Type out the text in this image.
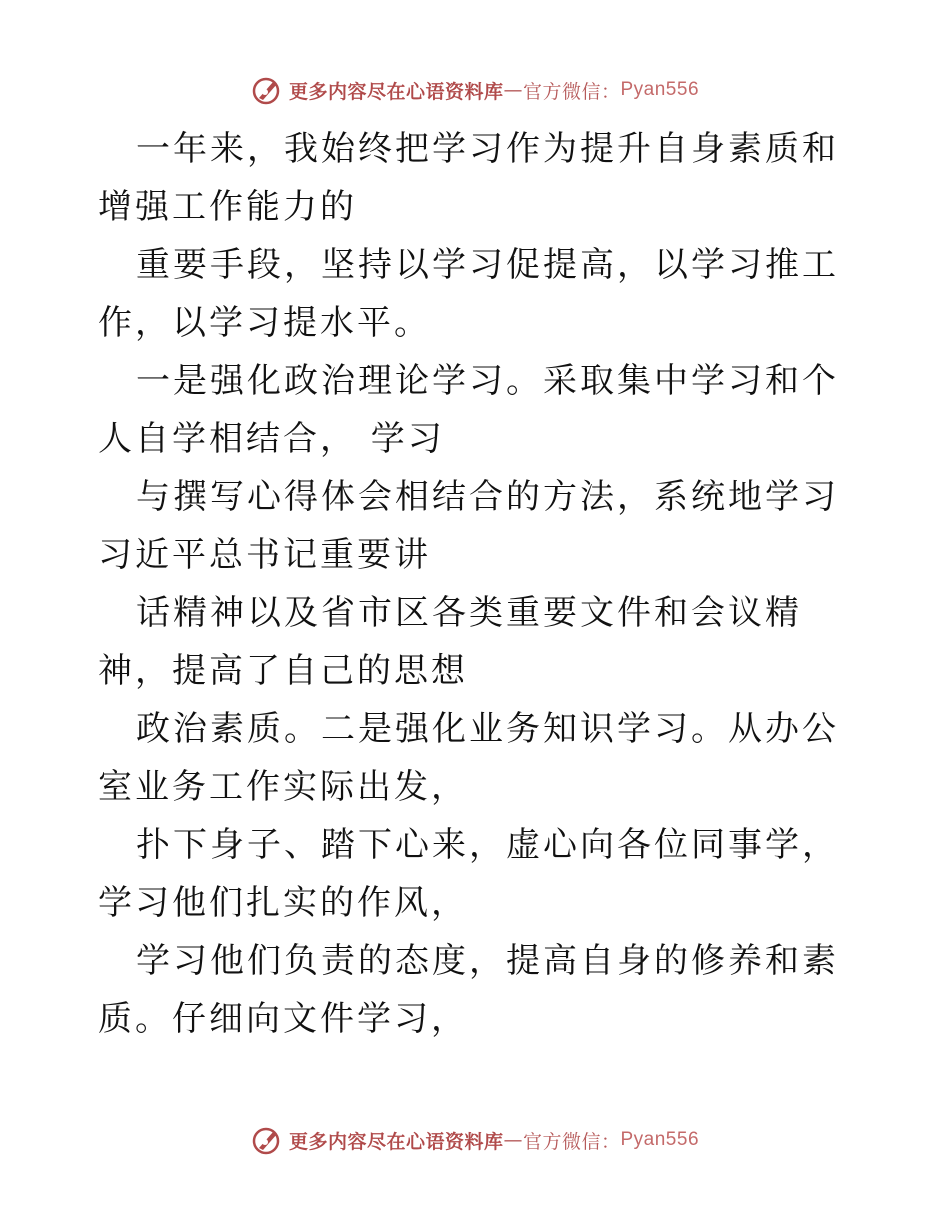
更多内容尽在心语资料库 — 官方微信： Pyan556

一年来，我始终把学习作为提升自身素质和增强工作能力的

重要手段，坚持以学习促提高，以学习推工作，以学习提水平。

一是强化政治理论学习。采取集中学习和个人自学相结合， 学习

与撰写心得体会相结合的方法，系统地学习习近平总书记重要讲

话精神以及省市区各类重要文件和会议精神，提高了自己的思想

政治素质。二是强化业务知识学习。从办公室业务工作实际出发，

扑下身子、踏下心来，虚心向各位同事学，学习他们扎实的作风，

学习他们负责的态度，提高自身的修养和素质。仔细向文件学习，

更多内容尽在心语资料库 — 官方微信： Pyan556
